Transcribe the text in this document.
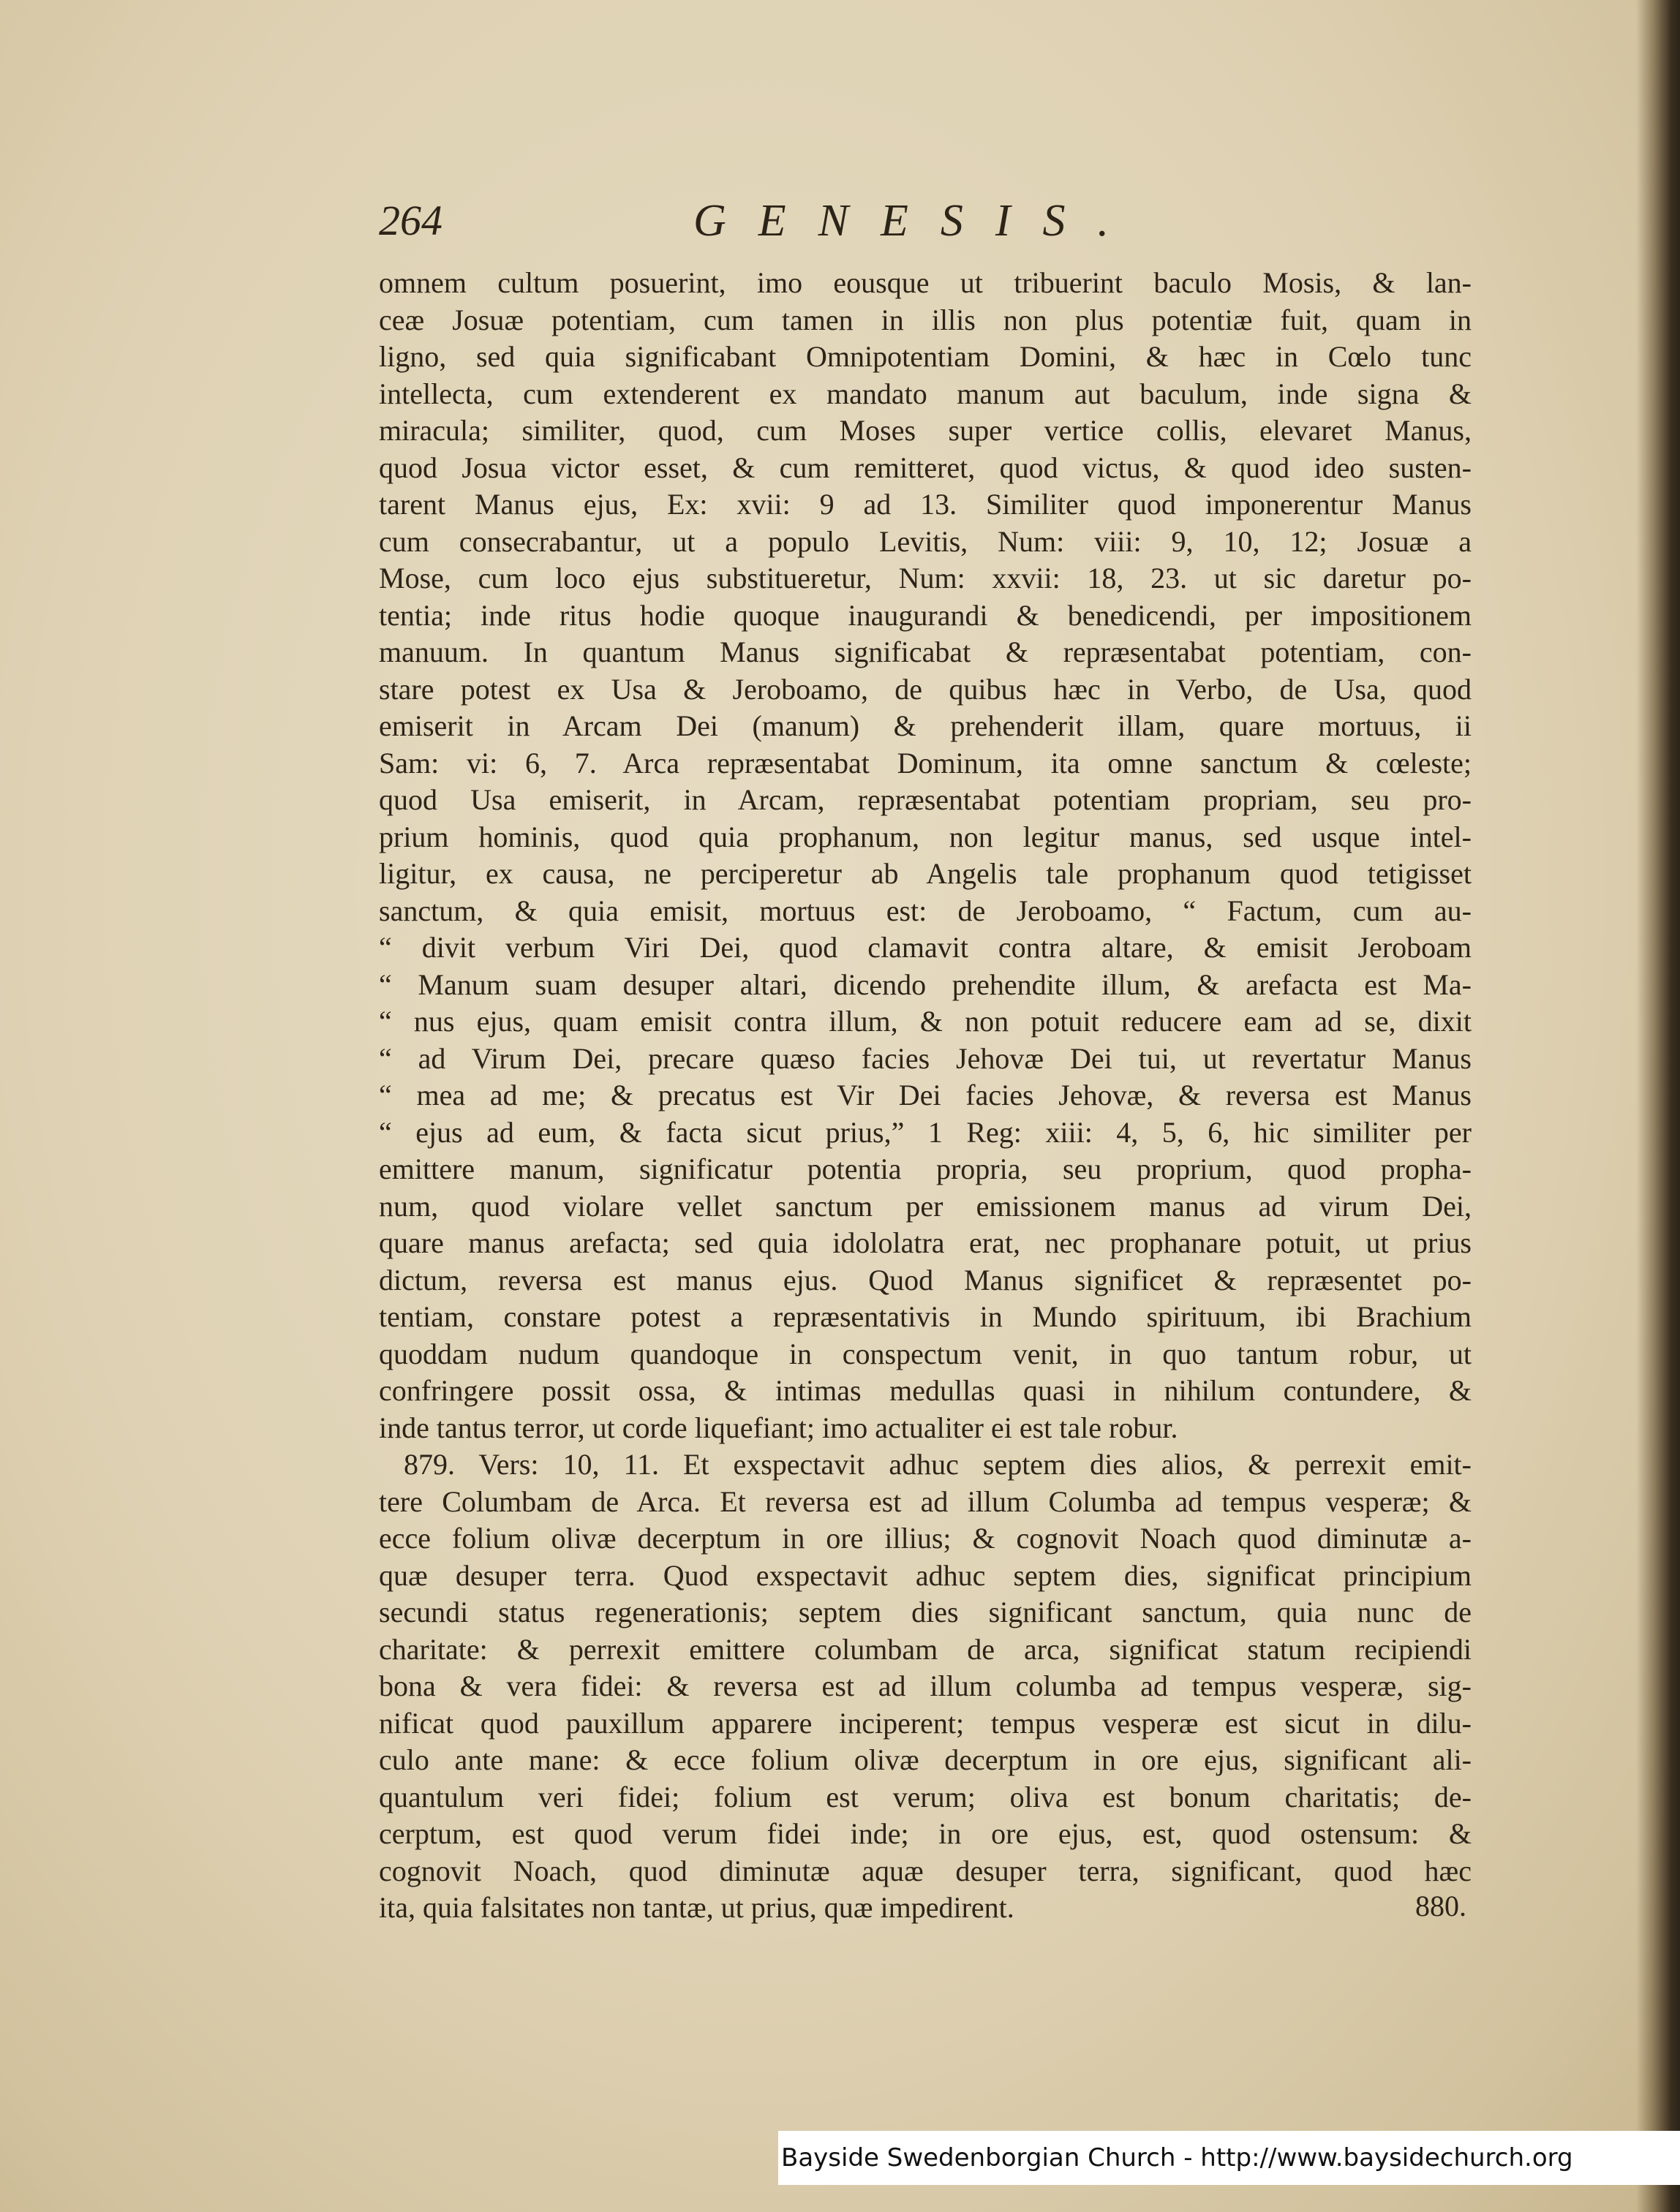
264	GENESIS.

omnem cultum posuerint, imo eousque ut tribuerint baculo Mosis, & lan-
ceæ Josuæ potentiam, cum tamen in illis non plus potentiæ fuit, quam in
ligno, sed quia significabant Omnipotentiam Domini, & hæc in Cœlo tunc
intellecta, cum extenderent ex mandato manum aut baculum, inde signa &
miracula; similiter, quod, cum Moses super vertice collis, elevaret Manus,
quod Josua victor esset, & cum remitteret, quod victus, & quod ideo susten-
tarent Manus ejus, Ex: xvii: 9 ad 13. Similiter quod imponerentur Manus
cum consecrabantur, ut a populo Levitis, Num: viii: 9, 10, 12; Josuæ a
Mose, cum loco ejus substitueretur, Num: xxvii: 18, 23. ut sic daretur po-
tentia; inde ritus hodie quoque inaugurandi & benedicendi, per impositionem
manuum. In quantum Manus significabat & repræsentabat potentiam, con-
stare potest ex Usa & Jeroboamo, de quibus hæc in Verbo, de Usa, quod
emiserit in Arcam Dei (manum) & prehenderit illam, quare mortuus, ii
Sam: vi: 6, 7. Arca repræsentabat Dominum, ita omne sanctum & cœleste;
quod Usa emiserit, in Arcam, repræsentabat potentiam propriam, seu pro-
prium hominis, quod quia prophanum, non legitur manus, sed usque intel-
ligitur, ex causa, ne perciperetur ab Angelis tale prophanum quod tetigisset
sanctum, & quia emisit, mortuus est: de Jeroboamo, “ Factum, cum au-
“ divit verbum Viri Dei, quod clamavit contra altare, & emisit Jeroboam
“ Manum suam desuper altari, dicendo prehendite illum, & arefacta est Ma-
“ nus ejus, quam emisit contra illum, & non potuit reducere eam ad se, dixit
“ ad Virum Dei, precare quæso facies Jehovæ Dei tui, ut revertatur Manus
“ mea ad me; & precatus est Vir Dei facies Jehovæ, & reversa est Manus
“ ejus ad eum, & facta sicut prius,” 1 Reg: xiii: 4, 5, 6, hic similiter per
emittere manum, significatur potentia propria, seu proprium, quod propha-
num, quod violare vellet sanctum per emissionem manus ad virum Dei,
quare manus arefacta; sed quia idololatra erat, nec prophanare potuit, ut prius
dictum, reversa est manus ejus. Quod Manus significet & repræsentet po-
tentiam, constare potest a repræsentativis in Mundo spirituum, ibi Brachium
quoddam nudum quandoque in conspectum venit, in quo tantum robur, ut
confringere possit ossa, & intimas medullas quasi in nihilum contundere, &
inde tantus terror, ut corde liquefiant; imo actualiter ei est tale robur.

879. Vers: 10, 11. Et exspectavit adhuc septem dies alios, & perrexit emit-
tere Columbam de Arca. Et reversa est ad illum Columba ad tempus vesperæ; &
ecce folium olivæ decerptum in ore illius; & cognovit Noach quod diminutæ a-
quæ desuper terra. Quod exspectavit adhuc septem dies, significat principium
secundi status regenerationis; septem dies significant sanctum, quia nunc de
charitate: & perrexit emittere columbam de arca, significat statum recipiendi
bona & vera fidei: & reversa est ad illum columba ad tempus vesperæ, sig-
nificat quod pauxillum apparere inciperent; tempus vesperæ est sicut in dilu-
culo ante mane: & ecce folium olivæ decerptum in ore ejus, significant ali-
quantulum veri fidei; folium est verum; oliva est bonum charitatis; de-
cerptum, est quod verum fidei inde; in ore ejus, est, quod ostensum: &
cognovit Noach, quod diminutæ aquæ desuper terra, significant, quod hæc
ita, quia falsitates non tantæ, ut prius, quæ impedirent.	880.
Bayside Swedenborgian Church - http://www.baysidechurch.org
